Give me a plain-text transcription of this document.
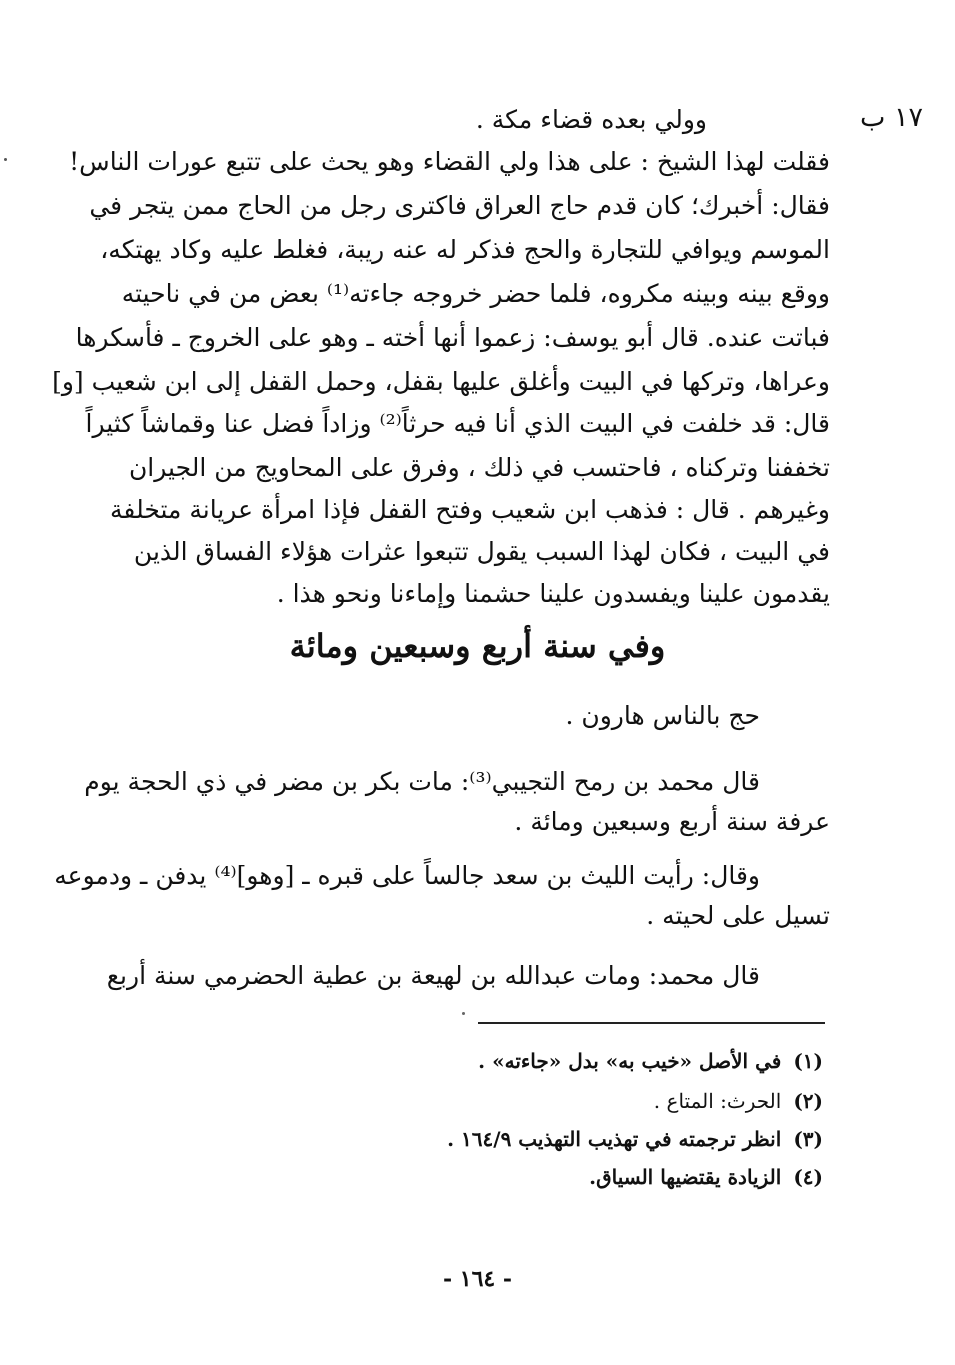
١٧ ب
وولي بعده قضاء مكة .
فقلت لهذا الشيخ : على هذا ولي القضاء وهو يحث على تتبع عورات الناس!
فقال: أخبرك؛ كان قدم حاج العراق فاكترى رجل من الحاج ممن يتجر في
الموسم ويوافي للتجارة والحج فذكر له عنه ريبة، فغلط عليه وكاد يهتكه،
ووقع بينه وبينه مكروه، فلما حضر خروجه جاءته⁽¹⁾ بعض من في ناحيته
فباتت عنده. قال أبو يوسف: زعموا أنها أخته ـ وهو على الخروج ـ فأسكرها
وعراها، وتركها في البيت وأغلق عليها بقفل، وحمل القفل إلى ابن شعيب [و]
قال: قد خلفت في البيت الذي أنا فيه حرثاً⁽²⁾ وزاداً فضل عنا وقماشاً كثيراً
تخففنا وتركناه ، فاحتسب في ذلك ، وفرق على المحاويج من الجيران
وغيرهم . قال : فذهب ابن شعيب وفتح القفل فإذا امرأة عريانة متخلفة
في البيت ، فكان لهذا السبب يقول تتبعوا عثرات هؤلاء الفساق الذين
يقدمون علينا ويفسدون علينا حشمنا وإماءنا ونحو هذا .
وفي سنة أربع وسبعين ومائة
حج بالناس هارون .
قال محمد بن رمح التجيبي⁽³⁾: مات بكر بن مضر في ذي الحجة يوم
عرفة سنة أربع وسبعين ومائة .
وقال: رأيت الليث بن سعد جالساً على قبره ـ [وهو]⁽⁴⁾ يدفن ـ ودموعه
تسيل على لحيته .
قال محمد: ومات عبدالله بن لهيعة بن عطية الحضرمي سنة أربع
(١)في الأصل «خيب به» بدل «جاءته» .
(٢)الحرث: المتاع .
(٣)انظر ترجمته في تهذيب التهذيب ١٦٤/٩ .
(٤)الزيادة يقتضيها السياق.
- ١٦٤ -
